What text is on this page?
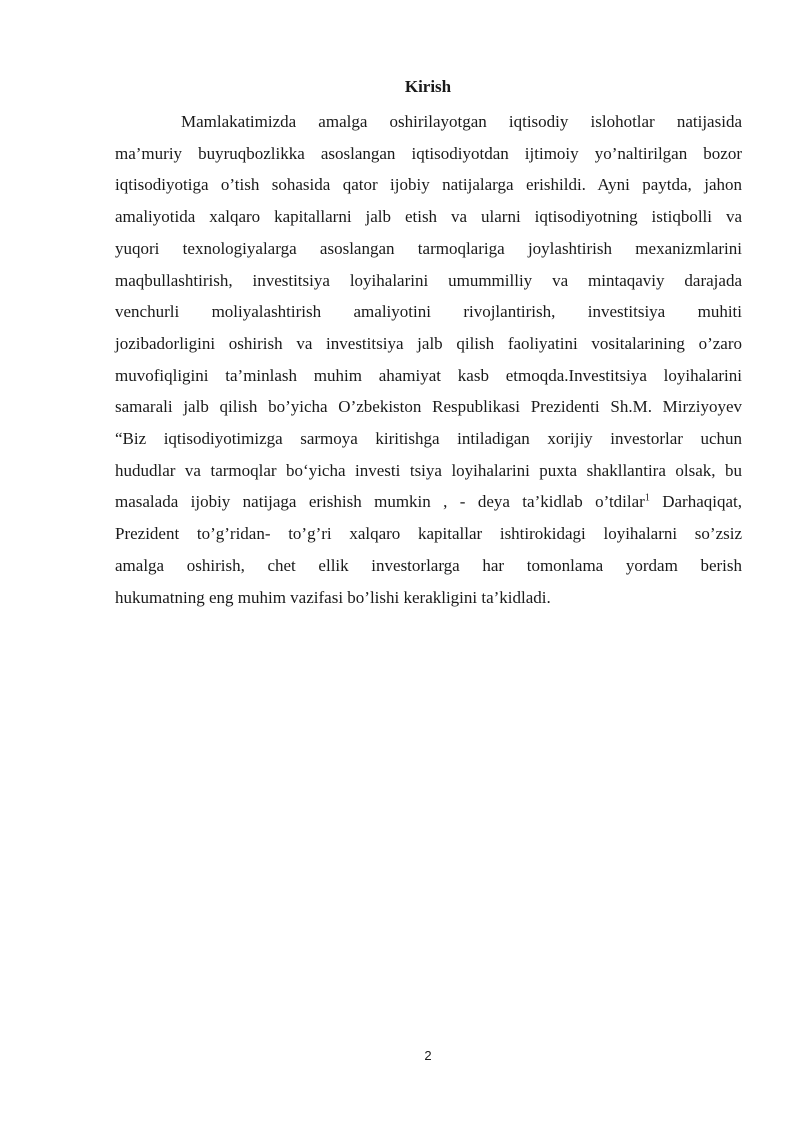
Kirish
Mamlakatimizda amalga oshirilayotgan iqtisodiy islohotlar natijasida
ma’muriy buyruqbozlikka asoslangan iqtisodiyotdan ijtimoiy yo’naltirilgan bozor
iqtisodiyotiga o’tish sohasida qator ijobiy natijalarga erishildi. Ayni paytda, jahon
amaliyotida xalqaro kapitallarni jalb etish va ularni iqtisodiyotning istiqbolli va
yuqori texnologiyalarga asoslangan tarmoqlariga joylashtirish mexanizmlarini
maqbullashtirish, investitsiya loyihalarini umummilliy va mintaqaviy darajada
venchurli moliyalashtirish amaliyotini rivojlantirish, investitsiya muhiti
jozibadorligini oshirish va investitsiya jalb qilish faoliyatini vositalarining o’zaro
muvofiqligini ta’minlash muhim ahamiyat kasb etmoqda.Investitsiya loyihalarini
samarali jalb qilish bo’yicha O’zbekiston Respublikasi Prezidenti Sh.M. Mirziyoyev
“Biz iqtisodiyotimizga sarmoya kiritishga intiladigan xorijiy investorlar uchun
hududlar va tarmoqlar bo‘yicha investi tsiya loyihalarini puxta shakllantira olsak, bu
masalada ijobiy natijaga erishish mumkin , - deya ta’kidlab o’tdilar$^1$ Darhaqiqat,
Prezident to’g’ridan- to’g’ri xalqaro kapitallar ishtirokidagi loyihalarni so’zsiz
amalga oshirish, chet ellik investorlarga har tomonlama yordam berish
hukumatning eng muhim vazifasi bo’lishi kerakligini ta’kidladi.
2
